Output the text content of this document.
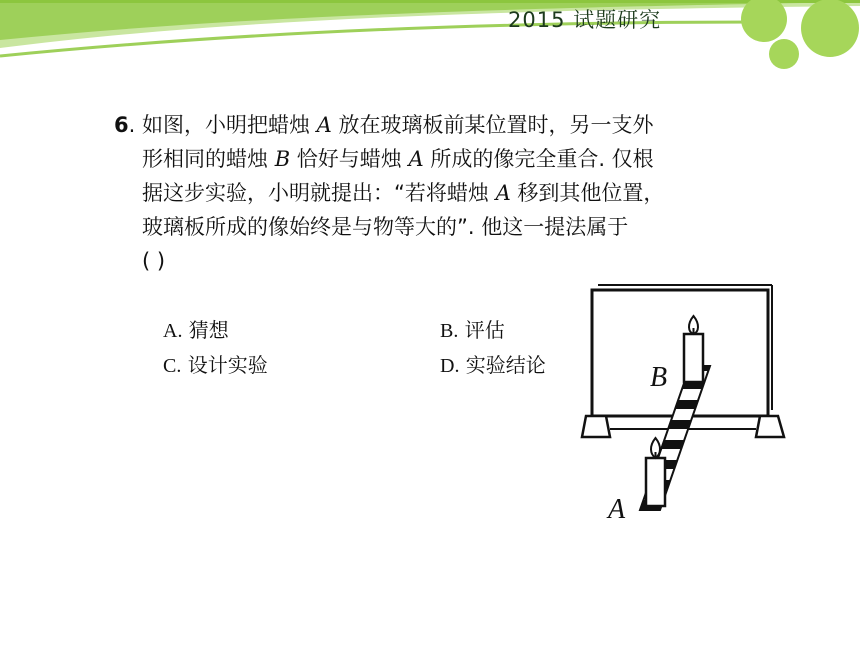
2015 试题研究
6. 如图，小明把蜡烛 A 放在玻璃板前某位置时，另一支外
形相同的蜡烛 B 恰好与蜡烛 A 所成的像完全重合. 仅根
据这步实验，小明就提出：“若将蜡烛 A 移到其他位置，
玻璃板所成的像始终是与物等大的”. 他这一提法属于
( )
A. 猜想	B. 评估
C. 设计实验	D. 实验结论	B
A
